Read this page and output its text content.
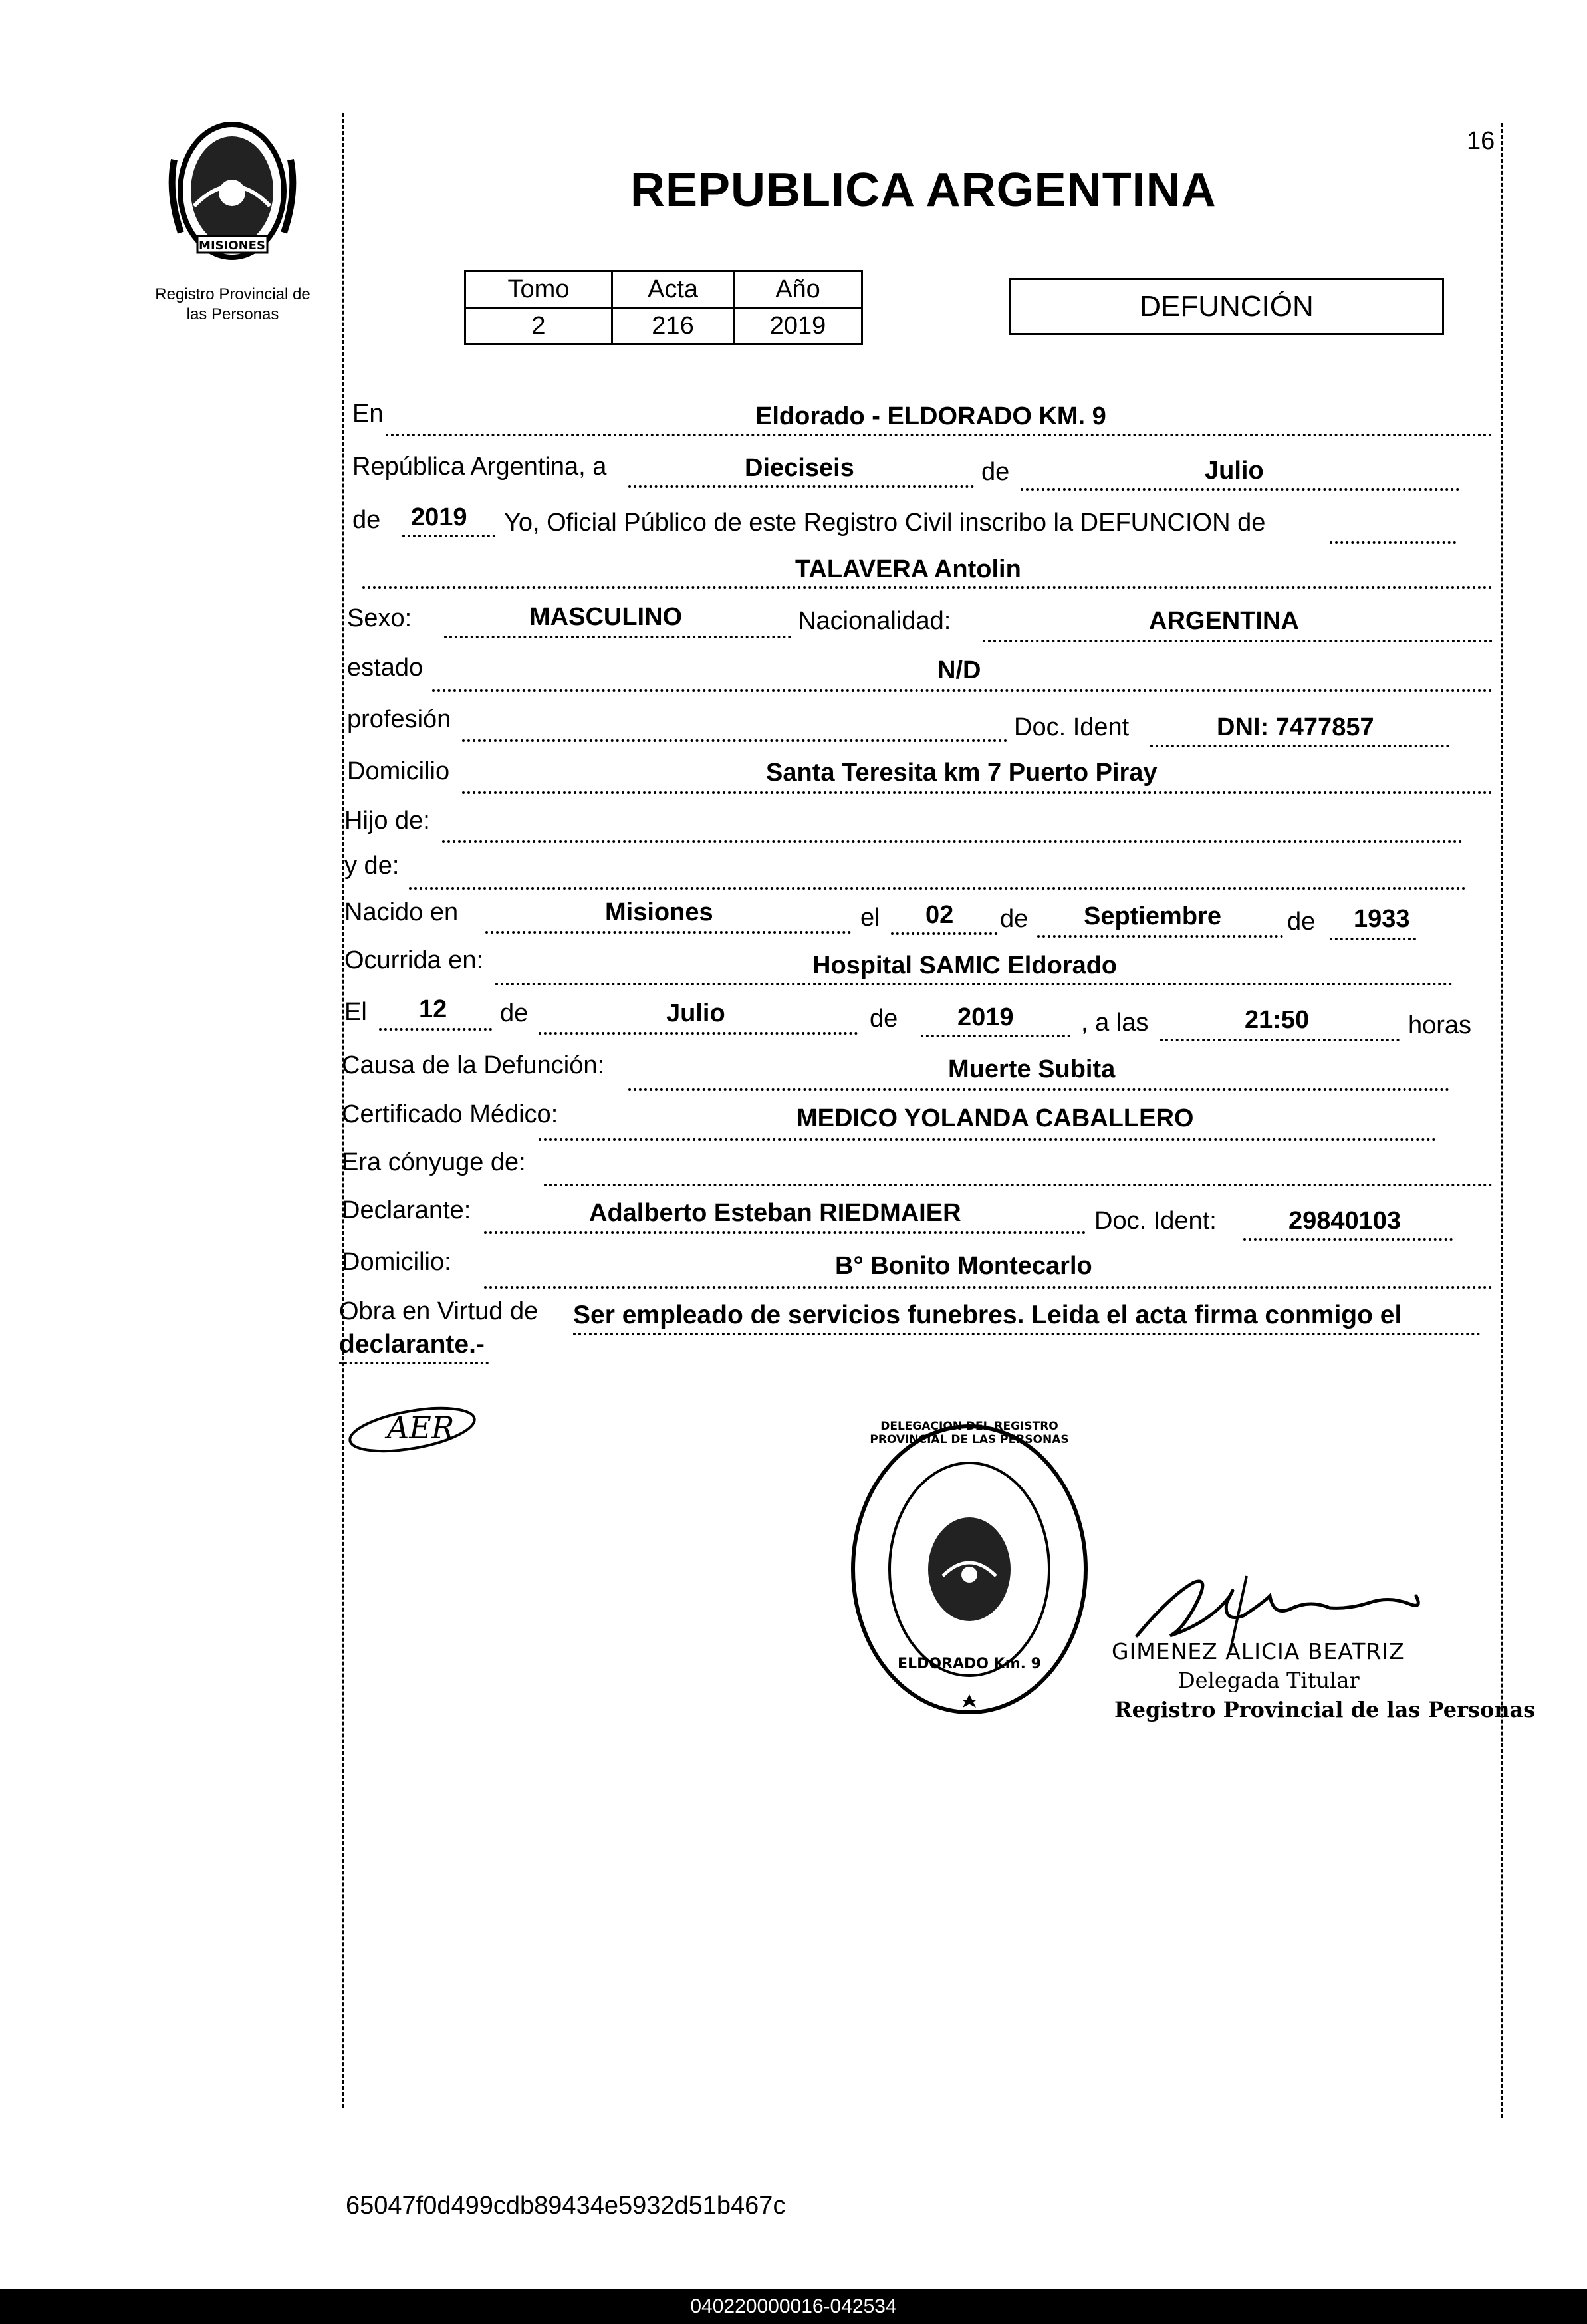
16
MISIONES
Registro Provincial de
las Personas
REPUBLICA ARGENTINA
Tomo	Acta	Año
2	216	2019
DEFUNCIÓN
En	Eldorado - ELDORADO KM. 9
República Argentina, a	Dieciseis	de	Julio
de 2019 Yo, Oficial Público de este Registro Civil inscribo la DEFUNCION de
TALAVERA Antolin
Sexo:	MASCULINO	Nacionalidad:	ARGENTINA
estado	N/D
profesión	Doc. Ident	DNI: 7477857
Domicilio	Santa Teresita km 7 Puerto Piray
Hijo de:
y de:
Nacido en	Misiones	el 02 de Septiembre	de 1933
Ocurrida en:	Hospital SAMIC Eldorado
El 12 de	Julio	de 2019	, a las	21:50	horas
Causa de la Defunción:	Muerte Subita
Certificado Médico:	MEDICO YOLANDA CABALLERO
Era cónyuge de:
Declarante:	Adalberto Esteban RIEDMAIER	Doc. Ident:	29840103
Domicilio:	B° Bonito Montecarlo
Obra en Virtud de Ser empleado de servicios funebres. Leida el acta firma conmigo el
declarante.-
AER	DELEGACION DEL REGISTRO PROVINCIAL DE LAS PERSONAS
ELDORADO Km. 9	GIMENEZ ALICIA BEATRIZ
Delegada Titular
Registro Provincial de las Personas
65047f0d499cdb89434e5932d51b467c
040220000016-042534
